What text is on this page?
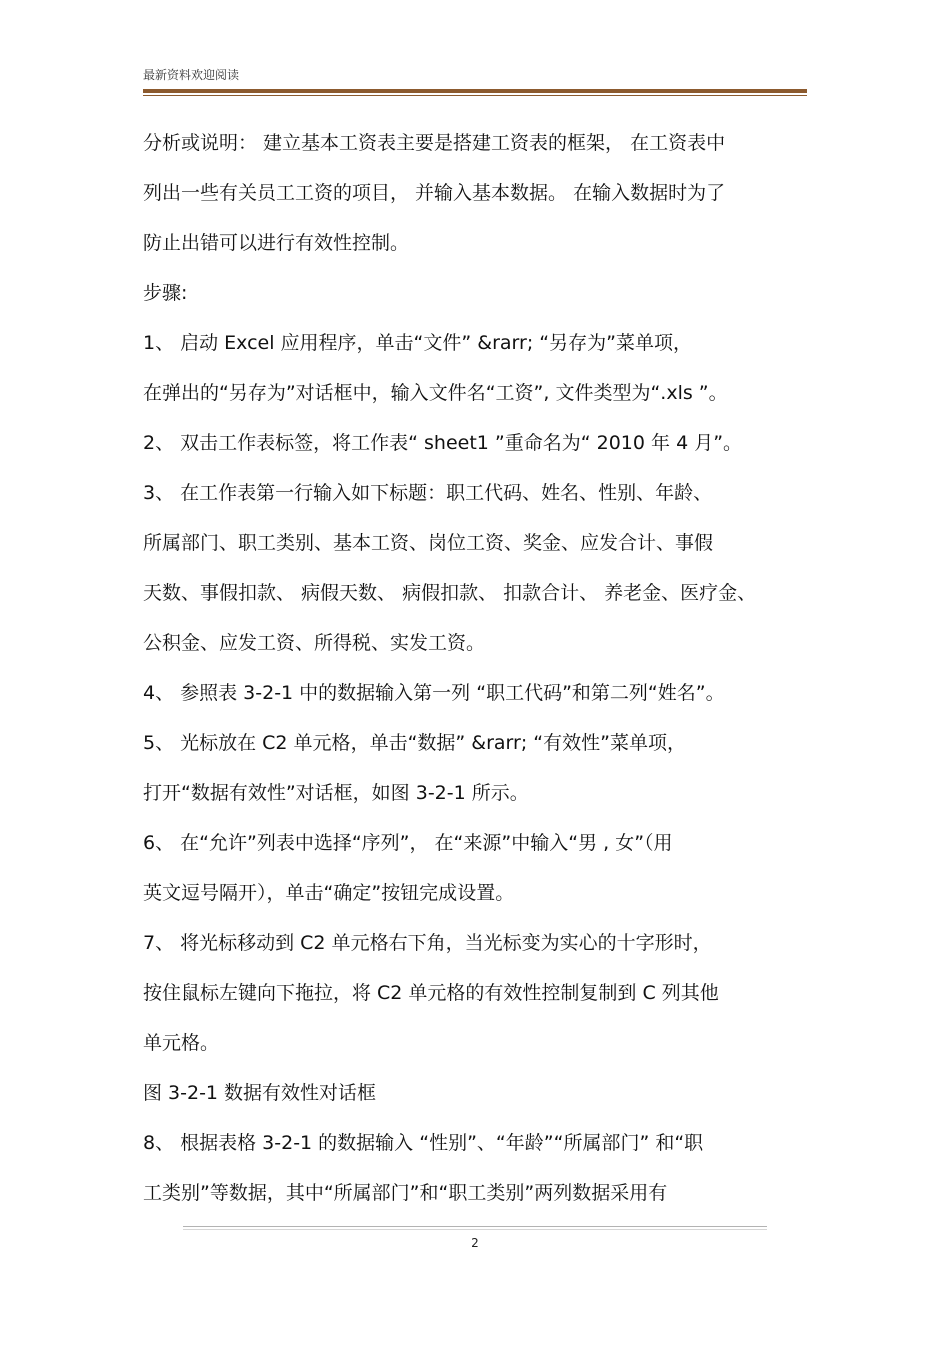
最新资料欢迎阅读
分析或说明： 建立基本工资表主要是搭建工资表的框架， 在工资表中
列出一些有关员工工资的项目， 并输入基本数据。 在输入数据时为了
防止出错可以进行有效性控制。
步骤:
1、 启动 Excel 应用程序，单击“文件” &rarr; “另存为”菜单项，
在弹出的“另存为”对话框中，输入文件名“工资”, 文件类型为“.xls ”。
2、 双击工作表标签，将工作表“ sheet1 ”重命名为“ 2010 年 4 月”。
3、 在工作表第一行输入如下标题：职工代码、姓名、性别、年龄、
所属部门、职工类别、基本工资、岗位工资、奖金、应发合计、事假
天数、事假扣款、 病假天数、 病假扣款、 扣款合计、 养老金、医疗金、
公积金、应发工资、所得税、实发工资。
4、 参照表 3-2-1 中的数据输入第一列 “职工代码”和第二列“姓名”。
5、 光标放在 C2 单元格，单击“数据” &rarr; “有效性”菜单项，
打开“数据有效性”对话框，如图 3-2-1 所示。
6、 在“允许”列表中选择“序列”， 在“来源”中输入“男 , 女”（用
英文逗号隔开），单击“确定”按钮完成设置。
7、 将光标移动到 C2 单元格右下角，当光标变为实心的十字形时，
按住鼠标左键向下拖拉，将 C2 单元格的有效性控制复制到 C 列其他
单元格。
图 3-2-1 数据有效性对话框
8、 根据表格 3-2-1 的数据输入 “性别”、“年龄”“所属部门” 和“职
工类别”等数据，其中“所属部门”和“职工类别”两列数据采用有
2
